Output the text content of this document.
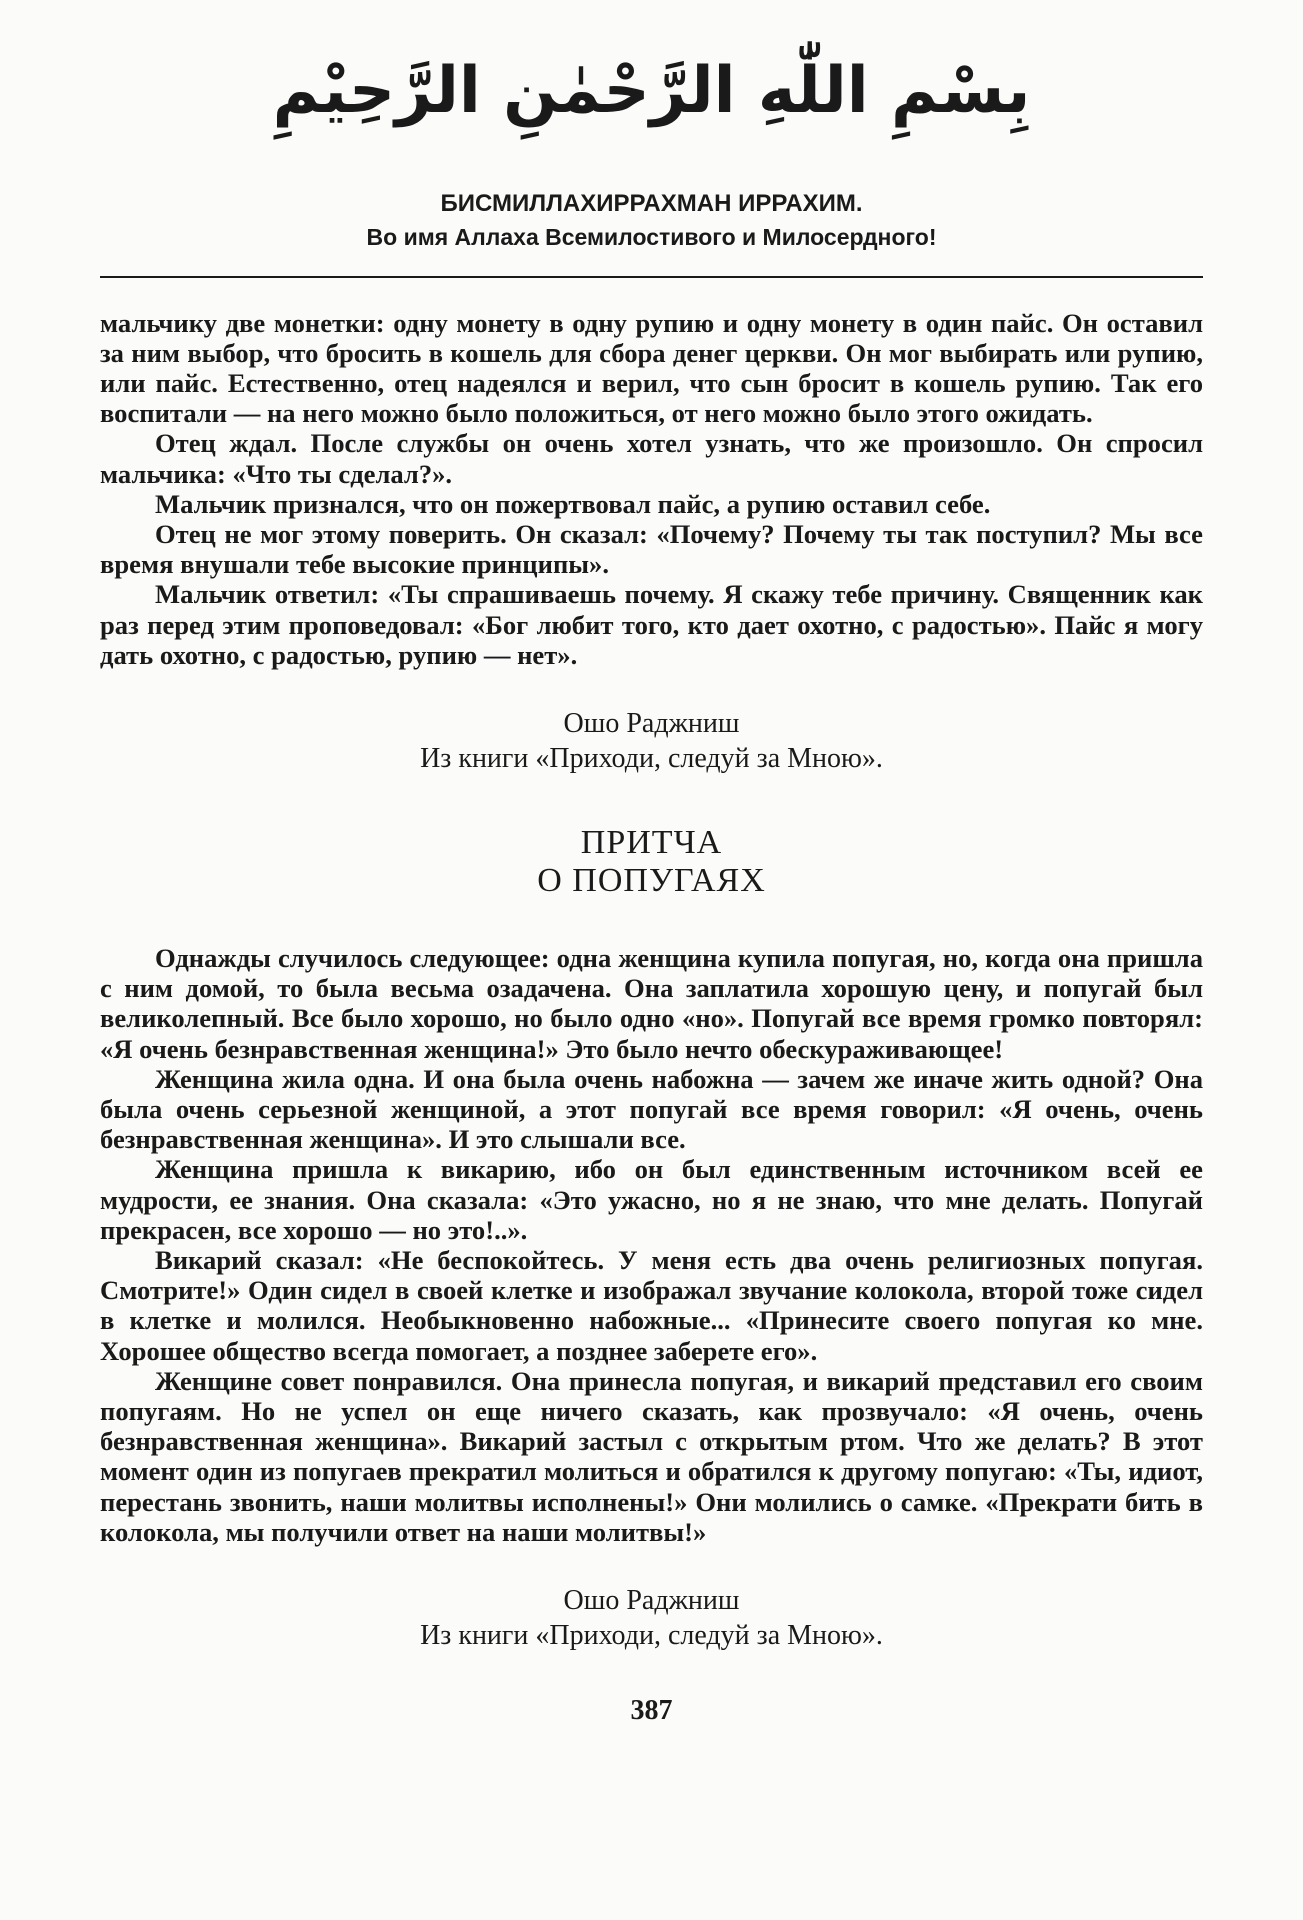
بِسْمِ اللّٰهِ الرَّحْمٰنِ الرَّحِيْمِ
БИСМИЛЛАХИРРАХМАН ИРРАХИМ.
Во имя Аллаха Всемилостивого и Милосердного!

мальчику две монетки: одну монету в одну рупию и одну монету в один пайс. Он оставил за ним выбор, что бросить в кошель для сбора денег церкви. Он мог выбирать или рупию, или пайс. Естественно, отец надеялся и верил, что сын бросит в кошель рупию. Так его воспитали — на него можно было положиться, от него можно было этого ожидать.

Отец ждал. После службы он очень хотел узнать, что же произошло. Он спросил мальчика: «Что ты сделал?».

Мальчик признался, что он пожертвовал пайс, а рупию оставил себе.

Отец не мог этому поверить. Он сказал: «Почему? Почему ты так поступил? Мы все время внушали тебе высокие принципы».

Мальчик ответил: «Ты спрашиваешь почему. Я скажу тебе причину. Священник как раз перед этим проповедовал: «Бог любит того, кто дает охотно, с радостью». Пайс я могу дать охотно, с радостью, рупию — нет».

Ошо Раджниш
Из книги «Приходи, следуй за Мною».
ПРИТЧА
О ПОПУГАЯХ

Однажды случилось следующее: одна женщина купила попугая, но, когда она пришла с ним домой, то была весьма озадачена. Она заплатила хорошую цену, и попугай был великолепный. Все было хорошо, но было одно «но». Попугай все время громко повторял: «Я очень безнравственная женщина!» Это было нечто обескураживающее!

Женщина жила одна. И она была очень набожна — зачем же иначе жить одной? Она была очень серьезной женщиной, а этот попугай все время говорил: «Я очень, очень безнравственная женщина». И это слышали все.

Женщина пришла к викарию, ибо он был единственным источником всей ее мудрости, ее знания. Она сказала: «Это ужасно, но я не знаю, что мне делать. Попугай прекрасен, все хорошо — но это!..».

Викарий сказал: «Не беспокойтесь. У меня есть два очень религиозных попугая. Смотрите!» Один сидел в своей клетке и изображал звучание колокола, второй тоже сидел в клетке и молился. Необыкновенно набожные... «Принесите своего попугая ко мне. Хорошее общество всегда помогает, а позднее заберете его».

Женщине совет понравился. Она принесла попугая, и викарий представил его своим попугаям. Но не успел он еще ничего сказать, как прозвучало: «Я очень, очень безнравственная женщина». Викарий застыл с открытым ртом. Что же делать? В этот момент один из попугаев прекратил молиться и обратился к другому попугаю: «Ты, идиот, перестань звонить, наши молитвы исполнены!» Они молились о самке. «Прекрати бить в колокола, мы получили ответ на наши молитвы!»

Ошо Раджниш
Из книги «Приходи, следуй за Мною».
387
